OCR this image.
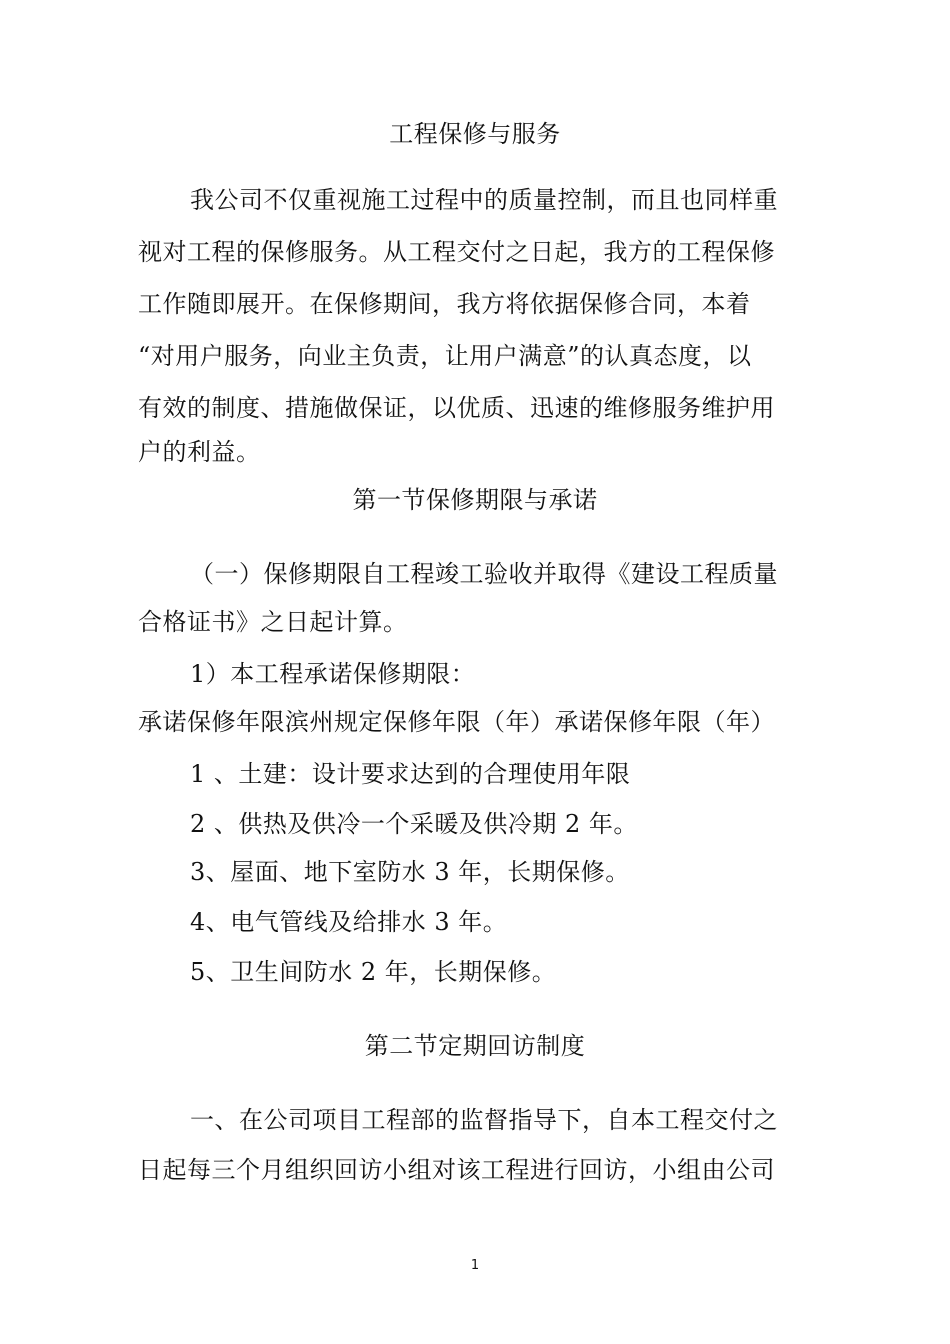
工程保修与服务
我公司不仅重视施工过程中的质量控制，而且也同样重
视对工程的保修服务。从工程交付之日起，我方的工程保修
工作随即展开。在保修期间，我方将依据保修合同，本着
“对用户服务，向业主负责，让用户满意”的认真态度，以
有效的制度、措施做保证，以优质、迅速的维修服务维护用
户的利益。
第一节保修期限与承诺
（一）保修期限自工程竣工验收并取得《建设工程质量
合格证书》之日起计算。
1）本工程承诺保修期限：
承诺保修年限滨州规定保修年限（年）承诺保修年限（年）
1 、土建：设计要求达到的合理使用年限
2 、供热及供冷一个采暖及供冷期 2 年。
3、屋面、地下室防水 3 年，长期保修。
4、电气管线及给排水 3 年。
5、卫生间防水 2 年，长期保修。
第二节定期回访制度
一、在公司项目工程部的监督指导下，自本工程交付之
日起每三个月组织回访小组对该工程进行回访，小组由公司
1
